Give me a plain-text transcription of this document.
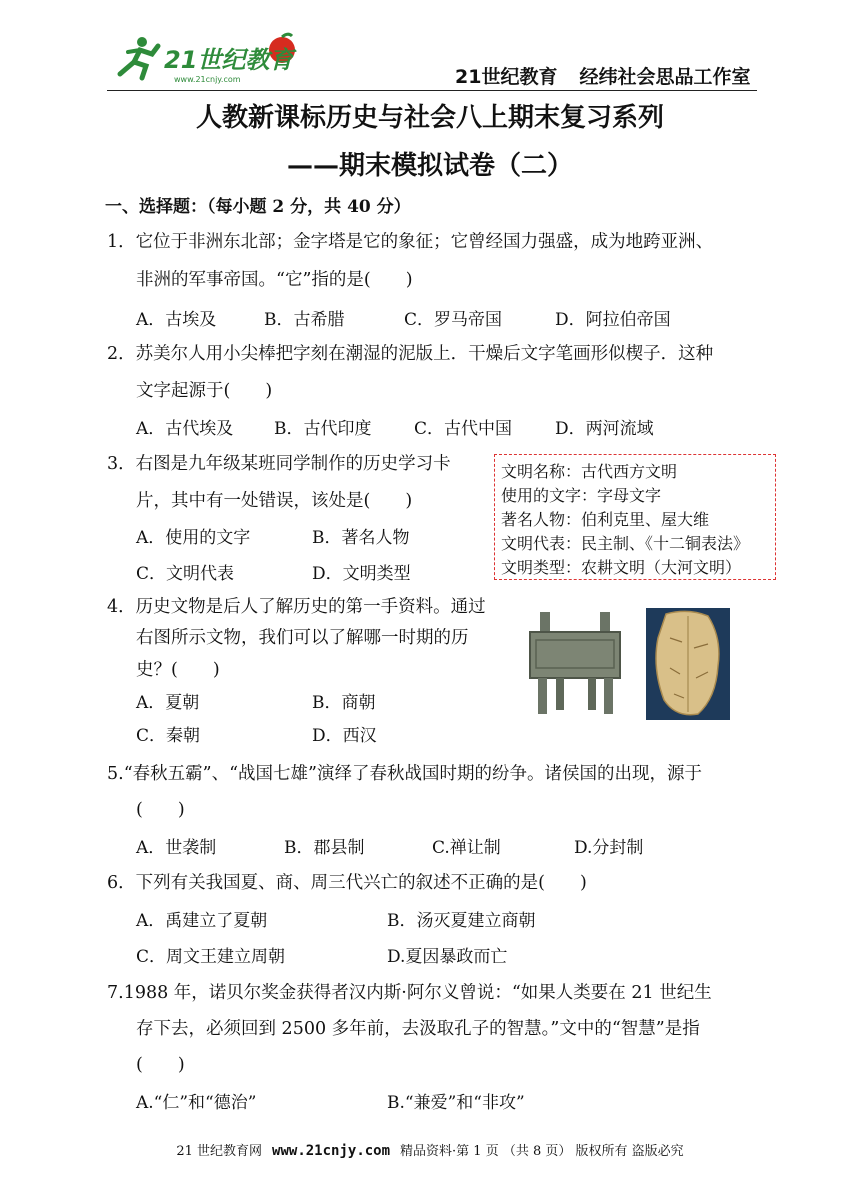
21世纪教育
www.21cnjy.com	21世纪教育 经纬社会思品工作室
人教新课标历史与社会八上期末复习系列
——期末模拟试卷（二）
一、选择题：（每小题 2 分，共 40 分）
1．它位于非洲东北部；金字塔是它的象征；它曾经国力强盛，成为地跨亚洲、
非洲的军事帝国。“它”指的是(　　)
A．古埃及	B．古希腊	C．罗马帝国	D．阿拉伯帝国
2．苏美尔人用小尖棒把字刻在潮湿的泥版上．干燥后文字笔画形似楔子．这种
文字起源于(　　)
A．古代埃及 B．古代印度	C．古代中国	D．两河流域
3．右图是九年级某班同学制作的历史学习卡
片，其中有一处错误，该处是(　　)
A．使用的文字	B．著名人物
C．文明代表	D．文明类型
文明名称：古代西方文明
使用的文字：字母文字
著名人物：伯利克里、屋大维
文明代表：民主制、《十二铜表法》
文明类型：农耕文明（大河文明）
4．历史文物是后人了解历史的第一手资料。通过
右图所示文物，我们可以了解哪一时期的历
史？(　　)
A．夏朝	B．商朝
C．秦朝	D．西汉
5.“春秋五霸”、“战国七雄”演绎了春秋战国时期的纷争。诸侯国的出现，源于
(　　)
A．世袭制	B．郡县制	C.禅让制	D.分封制
6．下列有关我国夏、商、周三代兴亡的叙述不正确的是(　　)
A．禹建立了夏朝	B．汤灭夏建立商朝
C．周文王建立周朝	D.夏因暴政而亡
7.1988 年，诺贝尔奖金获得者汉内斯·阿尔义曾说：“如果人类要在 21 世纪生
存下去，必须回到 2500 多年前，去汲取孔子的智慧。”文中的“智慧”是指
(　　)
A.“仁”和“德治”	B.“兼爱”和“非攻”
21 世纪教育网 www.21cnjy.com 精品资料·第 1 页 （共 8 页） 版权所有 盗版必究
